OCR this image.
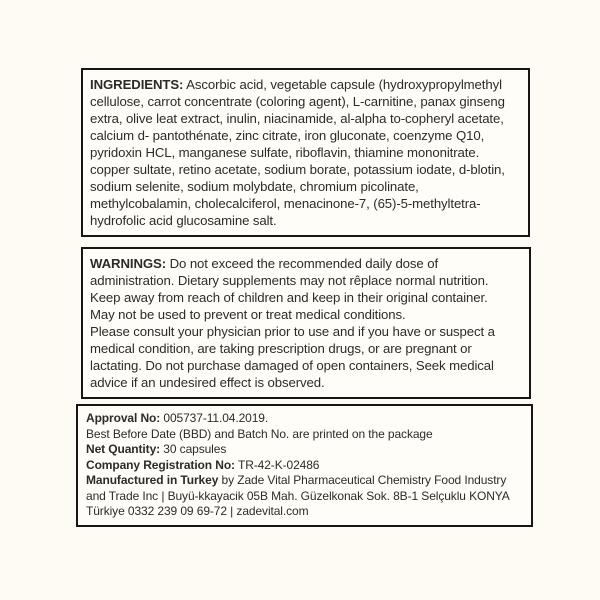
INGREDIENTS: Ascorbic acid, vegetable capsule (hydroxypropylmethyl cellulose, carrot concentrate (coloring agent), L-carnitine, panax ginseng extra, olive leat extract, inulin, niacinamide, al-alpha to-copheryl acetate, calcium d- pantothénate, zinc citrate, iron gluconate, coenzyme Q10, pyridoxin HCL, manganese sulfate, riboflavin, thiamine mononitrate. copper sultate, retino acetate, sodium borate, potassium iodate, d-blotin, sodium selenite, sodium molybdate, chromium picolinate, methylcobalamin, cholecalciferol, menacinone-7, (65)-5-methyltetra-hydrofolic acid glucosamine salt.

WARNINGS: Do not exceed the recommended daily dose of administration. Dietary supplements may not rêplace normal nutrition. Keep away from reach of children and keep in their original container.

May not be used to prevent or treat medical conditions.

Please consult your physician prior to use and if you have or suspect a medical condition, are taking prescription drugs, or are pregnant or lactating. Do not purchase damaged of open containers, Seek medical advice if an undesired effect is observed.

Approval No: 005737-11.04.2019.

Best Before Date (BBD) and Batch No. are printed on the package

Net Quantity: 30 capsules

Company Registration No: TR-42-K-02486

Manufactured in Turkey by Zade Vital Pharmaceutical Chemistry Food Industry and Trade Inc | Buyü-kkayacik 05B Mah. Güzelkonak Sok. 8B-1 Selçuklu KONYA Türkiye 0332 239 09 69-72 | zadevital.com
